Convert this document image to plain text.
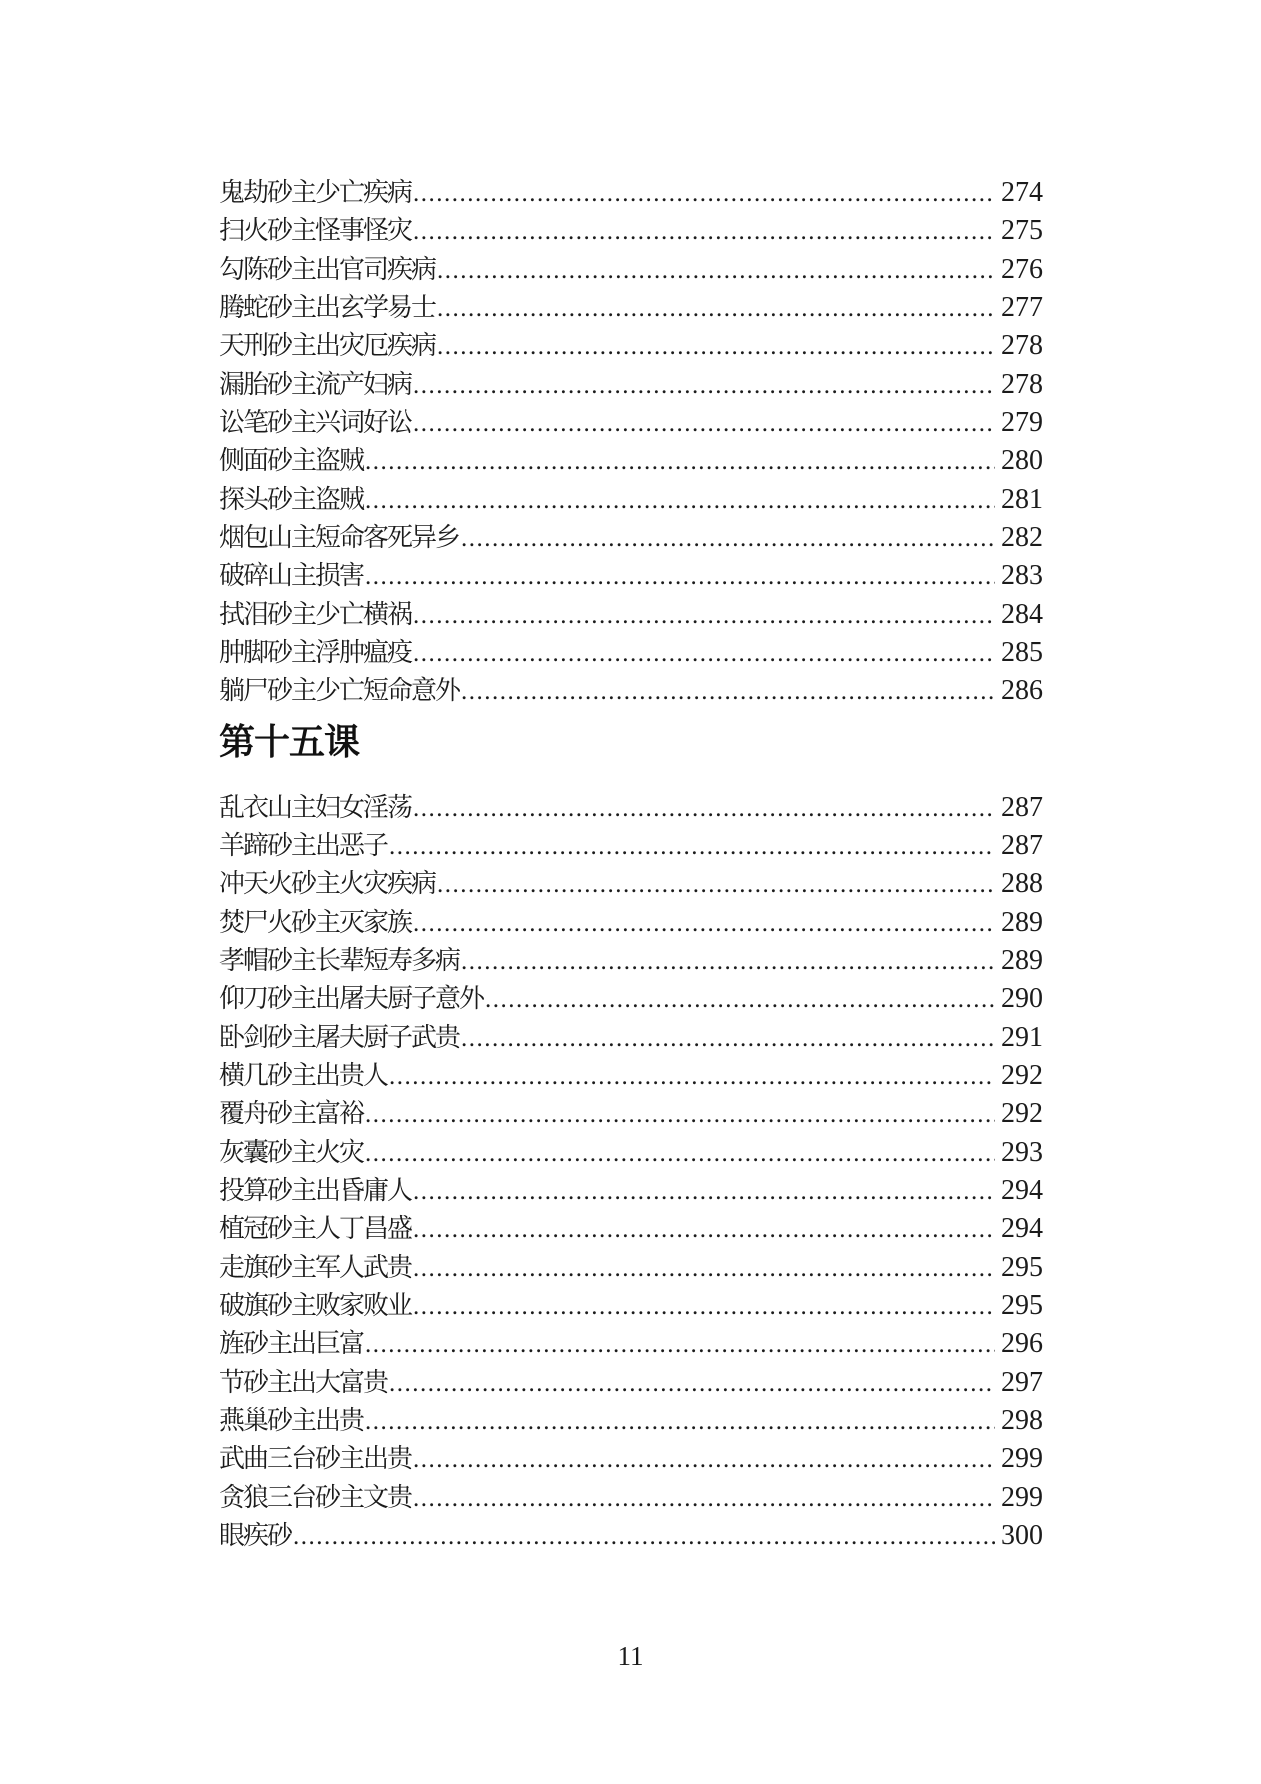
鬼劫砂主少亡疾病 .....	274
扫火砂主怪事怪灾 .....	275
勾陈砂主出官司疾病 .....	276
腾蛇砂主出玄学易士 .....	277
天刑砂主出灾厄疾病 .....	278
漏胎砂主流产妇病 .....	278
讼笔砂主兴词好讼 .....	279
侧面砂主盗贼 .....	280
探头砂主盗贼 .....	281
烟包山主短命客死异乡 .....	282
破碎山主损害 .....	283
拭泪砂主少亡横祸 .....	284
肿脚砂主浮肿瘟疫 .....	285
躺尸砂主少亡短命意外 .....	286
第十五课
乱衣山主妇女淫荡 .....	287
羊蹄砂主出恶子 .....	287
冲天火砂主火灾疾病 .....	288
焚尸火砂主灭家族 .....	289
孝帽砂主长辈短寿多病 .....	289
仰刀砂主出屠夫厨子意外 .....	290
卧剑砂主屠夫厨子武贵 .....	291
横几砂主出贵人 .....	292
覆舟砂主富裕 .....	292
灰囊砂主火灾 .....	293
投算砂主出昏庸人 .....	294
植冠砂主人丁昌盛 .....	294
走旗砂主军人武贵 .....	295
破旗砂主败家败业 .....	295
旌砂主出巨富 .....	296
节砂主出大富贵 .....	297
燕巢砂主出贵 .....	298
武曲三台砂主出贵 .....	299
贪狼三台砂主文贵 .....	299
眼疾砂 .....	300
11
